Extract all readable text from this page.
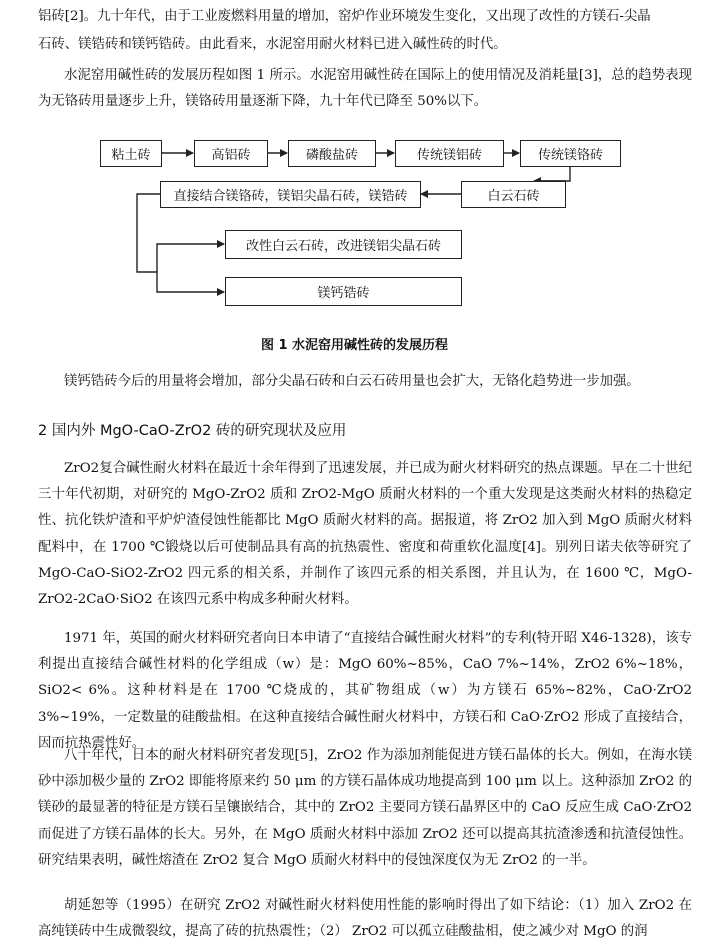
铝砖[2]。九十年代，由于工业废燃料用量的增加，窑炉作业环境发生变化，又出现了改性的方镁石-尖晶

石砖、镁锆砖和镁钙锆砖。由此看来，水泥窑用耐火材料已进入碱性砖的时代。

水泥窑用碱性砖的发展历程如图 1 所示。水泥窑用碱性砖在国际上的使用情况及消耗量[3]，总的趋势表现为无铬砖用量逐步上升，镁铬砖用量逐渐下降，九十年代已降至 50%以下。

粘土砖	高铝砖	磷酸盐砖	传统镁铝砖	传统镁铬砖
白云石砖
直接结合镁铬砖，镁铝尖晶石砖，镁锆砖
改性白云石砖，改进镁铝尖晶石砖
镁钙锆砖
图 1 水泥窑用碱性砖的发展历程

镁钙锆砖今后的用量将会增加，部分尖晶石砖和白云石砖用量也会扩大，无铬化趋势进一步加强。

2 国内外 MgO-CaO-ZrO2 砖的研究现状及应用

ZrO2复合碱性耐火材料在最近十余年得到了迅速发展，并已成为耐火材料研究的热点课题。早在二十世纪三十年代初期，对研究的 MgO-ZrO2 质和 ZrO2-MgO 质耐火材料的一个重大发现是这类耐火材料的热稳定性、抗化铁炉渣和平炉炉渣侵蚀性能都比 MgO 质耐火材料的高。据报道，将 ZrO2 加入到 MgO 质耐火材料配料中，在 1700 ℃锻烧以后可使制品具有高的抗热震性、密度和荷重软化温度[4]。别列日诺夫依等研究了 MgO-CaO-SiO2-ZrO2 四元系的相关系，并制作了该四元系的相关系图，并且认为，在 1600 ℃，MgO-ZrO2-2CaO·SiO2 在该四元系中构成多种耐火材料。

1971 年，英国的耐火材料研究者向日本申请了“直接结合碱性耐火材料”的专利(特开昭 X46-1328)，该专利提出直接结合碱性材料的化学组成（w）是：MgO 60%~85%，CaO 7%~14%，ZrO2 6%~18%，SiO2< 6%。这种材料是在 1700 ℃烧成的，其矿物组成（w）为方镁石 65%~82%，CaO·ZrO2 3%~19%，一定数量的硅酸盐相。在这种直接结合碱性耐火材料中，方镁石和 CaO·ZrO2 形成了直接结合，因而抗热震性好。

八十年代，日本的耐火材料研究者发现[5]，ZrO2 作为添加剂能促进方镁石晶体的长大。例如，在海水镁砂中添加极少量的 ZrO2 即能将原来约 50 μm 的方镁石晶体成功地提高到 100 μm 以上。这种添加 ZrO2 的镁砂的最显著的特征是方镁石呈镶嵌结合，其中的 ZrO2 主要同方镁石晶界区中的 CaO 反应生成 CaO·ZrO2 而促进了方镁石晶体的长大。另外，在 MgO 质耐火材料中添加 ZrO2 还可以提高其抗渣渗透和抗渣侵蚀性。研究结果表明，碱性熔渣在 ZrO2 复合 MgO 质耐火材料中的侵蚀深度仅为无 ZrO2 的一半。

胡延恕等（1995）在研究 ZrO2 对碱性耐火材料使用性能的影响时得出了如下结论：（1）加入 ZrO2 在高纯镁砖中生成微裂纹，提高了砖的抗热震性；（2） ZrO2 可以孤立硅酸盐相，使之减少对 MgO 的润
